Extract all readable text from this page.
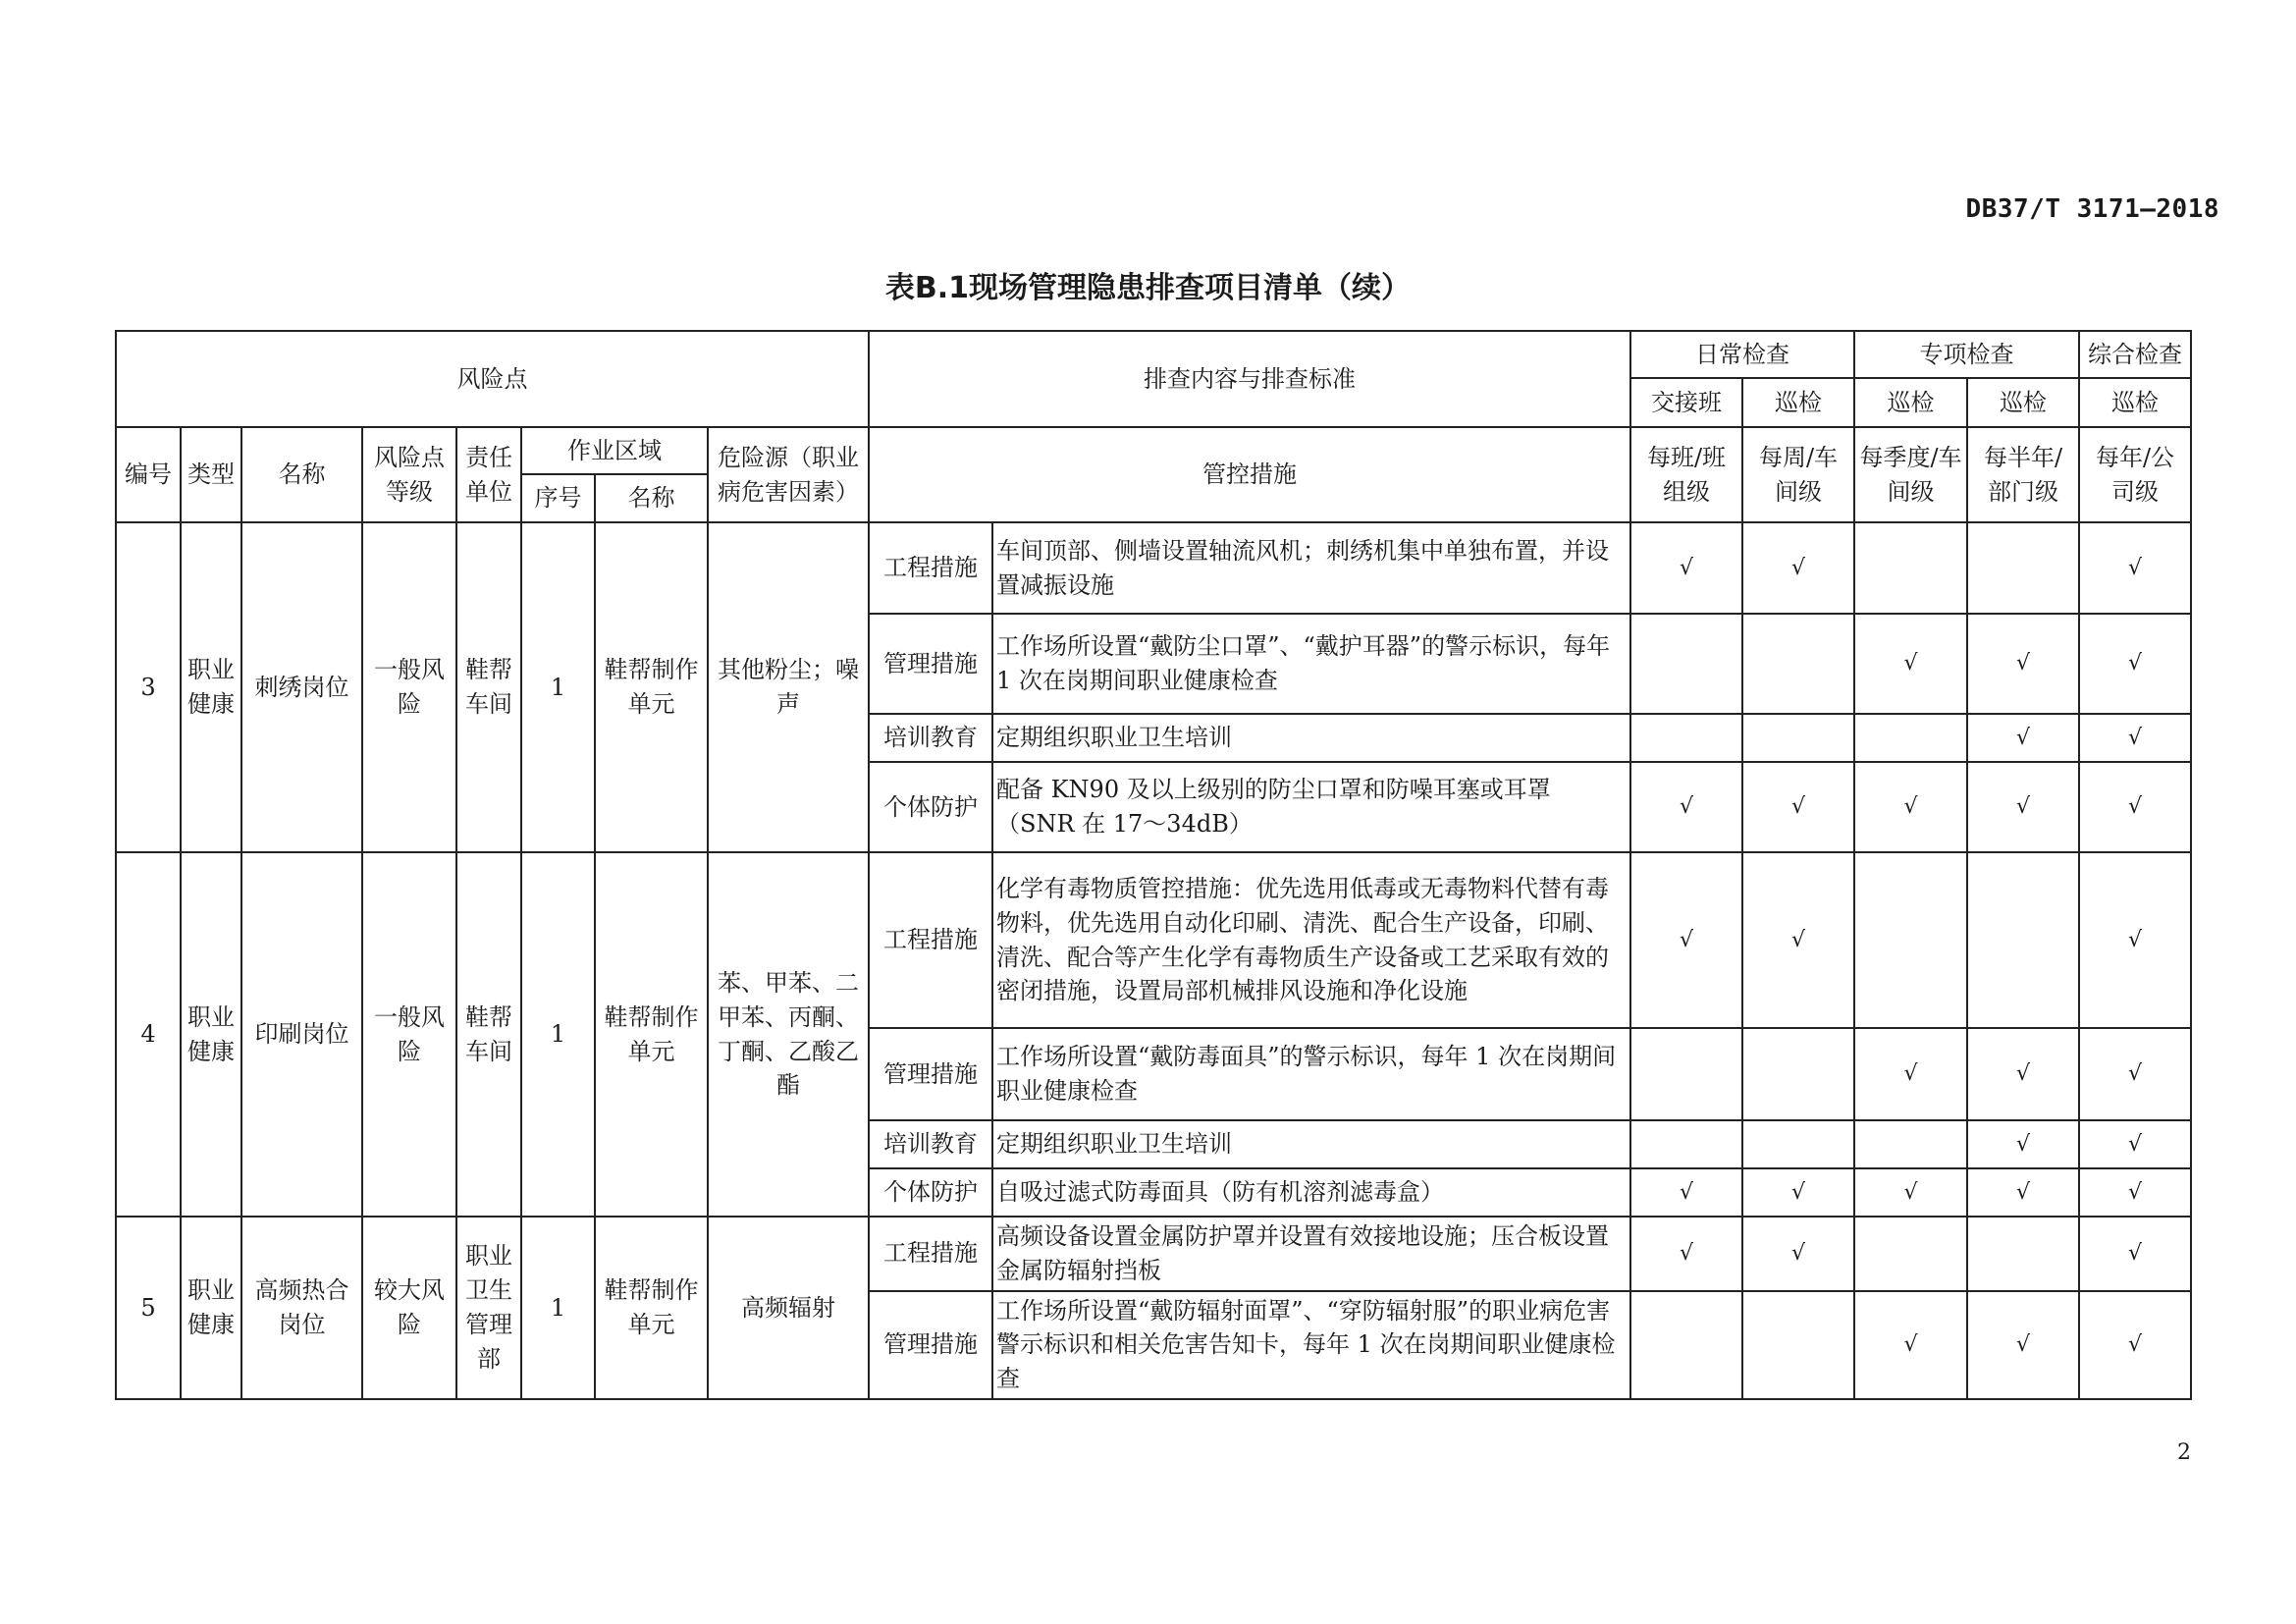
DB37/T 3171—2018
表B.1现场管理隐患排查项目清单（续）
风险点								排查内容与排查标准		日常检查		专项检查		综合检查
										交接班	巡检	巡检	巡检	巡检
编号	类型	名称	风险点等级	责任单位	作业区域		危险源（职业病危害因素）	管控措施		每班/班组级	每周/车间级	每季度/车间级	每半年/部门级	每年/公司级
					序号	名称								
3	职业健康	刺绣岗位	一般风险	鞋帮车间	1	鞋帮制作单元	其他粉尘；噪声	工程措施	车间顶部、侧墙设置轴流风机；刺绣机集中单独布置，并设置减振设施	√	√			√
								管理措施	工作场所设置“戴防尘口罩”、“戴护耳器”的警示标识，每年 1 次在岗期间职业健康检查			√	√	√
								培训教育	定期组织职业卫生培训				√	√
								个体防护	配备 KN90 及以上级别的防尘口罩和防噪耳塞或耳罩（SNR 在 17～34dB）	√	√	√	√	√
4	职业健康	印刷岗位	一般风险	鞋帮车间	1	鞋帮制作单元	苯、甲苯、二甲苯、丙酮、丁酮、乙酸乙酯	工程措施	化学有毒物质管控措施：优先选用低毒或无毒物料代替有毒物料，优先选用自动化印刷、清洗、配合生产设备，印刷、清洗、配合等产生化学有毒物质生产设备或工艺采取有效的密闭措施，设置局部机械排风设施和净化设施	√	√			√
								管理措施	工作场所设置“戴防毒面具”的警示标识，每年 1 次在岗期间职业健康检查			√	√	√
								培训教育	定期组织职业卫生培训				√	√
								个体防护	自吸过滤式防毒面具（防有机溶剂滤毒盒）	√	√	√	√	√
5	职业健康	高频热合岗位	较大风险	职业卫生管理部	1	鞋帮制作单元	高频辐射	工程措施	高频设备设置金属防护罩并设置有效接地设施；压合板设置金属防辐射挡板	√	√			√
								管理措施	工作场所设置“戴防辐射面罩”、“穿防辐射服”的职业病危害警示标识和相关危害告知卡，每年 1 次在岗期间职业健康检查			√	√	√
2
